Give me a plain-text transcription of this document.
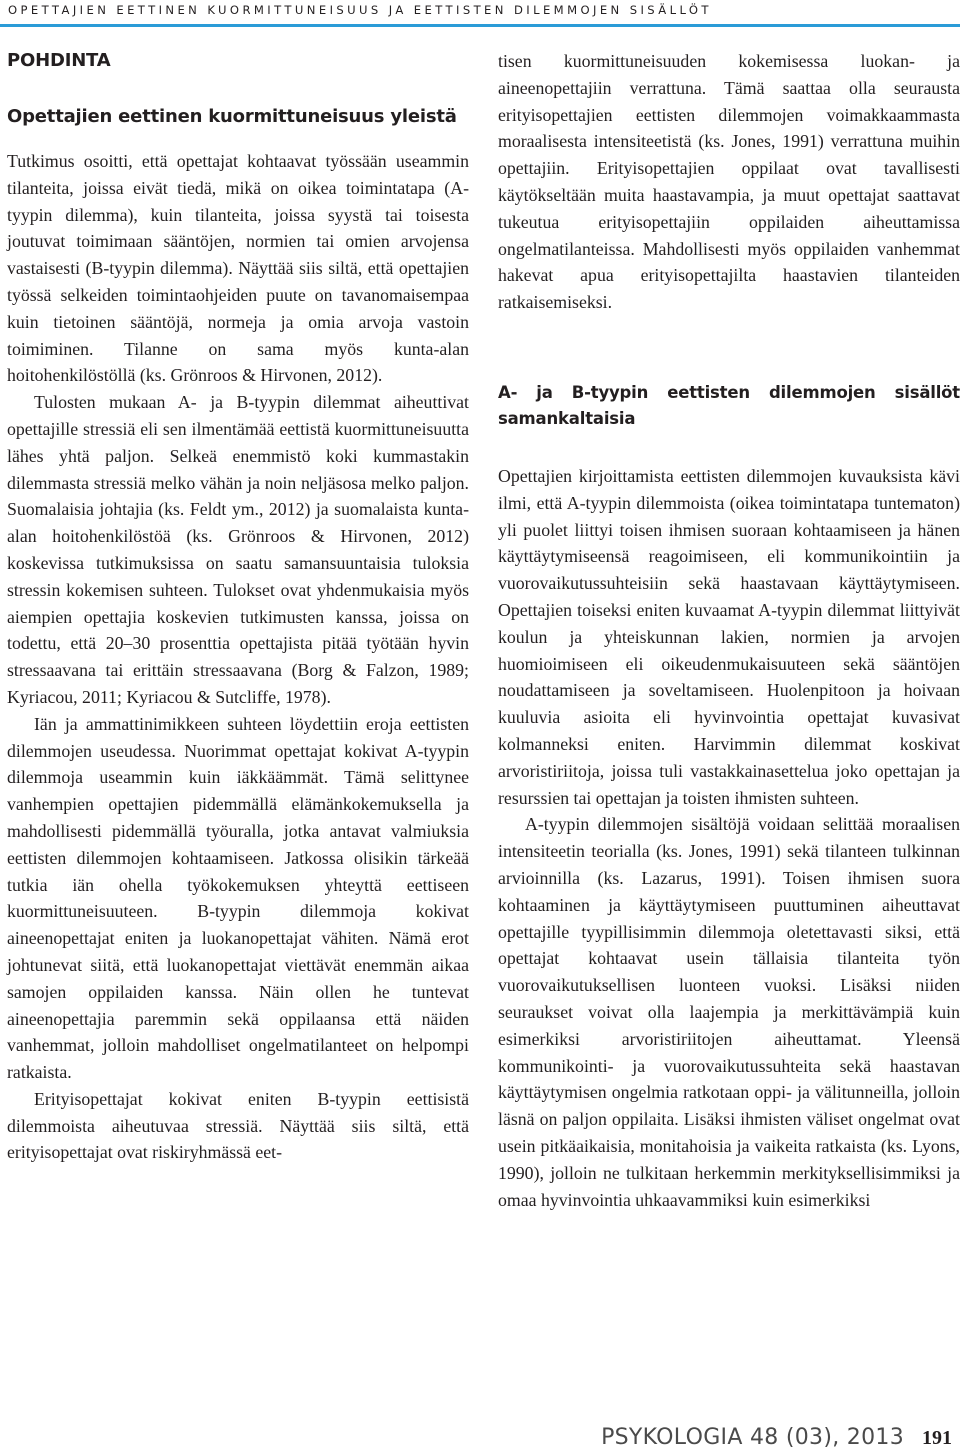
OPETTAJIEN EETTINEN KUORMITTUNEISUUS JA EETTISTEN DILEMMOJEN SISÄLLÖT
POHDINTA
Opettajien eettinen kuormittuneisuus yleistä

Tutkimus osoitti, että opettajat kohtaavat työssään useammin tilanteita, joissa eivät tiedä, mikä on oikea toimintatapa (A-tyypin dilemma), kuin tilanteita, joissa syystä tai toisesta joutuvat toimimaan sääntöjen, normien tai omien arvojensa vastaisesti (B-tyypin dilemma). Näyttää siis siltä, että opettajien työssä selkeiden toimintaohjeiden puute on tavanomaisempaa kuin tietoinen sääntöjä, normeja ja omia arvoja vastoin toimiminen. Tilanne on sama myös kunta-alan hoitohenkilöstöllä (ks. Grönroos & Hirvonen, 2012).

Tulosten mukaan A- ja B-tyypin dilemmat aiheuttivat opettajille stressiä eli sen ilmentämää eettistä kuormittuneisuutta lähes yhtä paljon. Selkeä enemmistö koki kummastakin dilemmasta stressiä melko vähän ja noin neljäsosa melko paljon. Suomalaisia johtajia (ks. Feldt ym., 2012) ja suomalaista kunta-alan hoitohenkilöstöä (ks. Grönroos & Hirvonen, 2012) koskevissa tutkimuksissa on saatu samansuuntaisia tuloksia stressin kokemisen suhteen. Tulokset ovat yhdenmukaisia myös aiempien opettajia koskevien tutkimusten kanssa, joissa on todettu, että 20–30 prosenttia opettajista pitää työtään hyvin stressaavana tai erittäin stressaavana (Borg & Falzon, 1989; Kyriacou, 2011; Kyriacou & Sutcliffe, 1978).

Iän ja ammattinimikkeen suhteen löydettiin eroja eettisten dilemmojen useudessa. Nuorimmat opettajat kokivat A-tyypin dilemmoja useammin kuin iäkkäämmät. Tämä selittynee vanhempien opettajien pidemmällä elämänkokemuksella ja mahdollisesti pidemmällä työuralla, jotka antavat valmiuksia eettisten dilemmojen kohtaamiseen. Jatkossa olisikin tärkeää tutkia iän ohella työkokemuksen yhteyttä eettiseen kuormittuneisuuteen. B-tyypin dilemmoja kokivat aineenopettajat eniten ja luokanopettajat vähiten. Nämä erot johtunevat siitä, että luokanopettajat viettävät enemmän aikaa samojen oppilaiden kanssa. Näin ollen he tuntevat aineenopettajia paremmin sekä oppilaansa että näiden vanhemmat, jolloin mahdolliset ongelmatilanteet on helpompi ratkaista.

Erityisopettajat kokivat eniten B-tyypin eettisistä dilemmoista aiheutuvaa stressiä. Näyttää siis siltä, että erityisopettajat ovat riskiryhmässä eet-

tisen kuormittuneisuuden kokemisessa luokan- ja aineenopettajiin verrattuna. Tämä saattaa olla seurausta erityisopettajien eettisten dilemmojen voimakkaammasta moraalisesta intensiteetistä (ks. Jones, 1991) verrattuna muihin opettajiin. Erityisopettajien oppilaat ovat tavallisesti käytökseltään muita haastavampia, ja muut opettajat saattavat tukeutua erityisopettajiin oppilaiden aiheuttamissa ongelmatilanteissa. Mahdollisesti myös oppilaiden vanhemmat hakevat apua erityisopettajilta haastavien tilanteiden ratkaisemiseksi.

A- ja B-tyypin eettisten dilemmojen sisällöt samankaltaisia

Opettajien kirjoittamista eettisten dilemmojen kuvauksista kävi ilmi, että A-tyypin dilemmoista (oikea toimintatapa tuntematon) yli puolet liittyi toisen ihmisen suoraan kohtaamiseen ja hänen käyttäytymiseensä reagoimiseen, eli kommunikointiin ja vuorovaikutussuhteisiin sekä haastavaan käyttäytymiseen. Opettajien toiseksi eniten kuvaamat A-tyypin dilemmat liittyivät koulun ja yhteiskunnan lakien, normien ja arvojen huomioimiseen eli oikeudenmukaisuuteen sekä sääntöjen noudattamiseen ja soveltamiseen. Huolenpitoon ja hoivaan kuuluvia asioita eli hyvinvointia opettajat kuvasivat kolmanneksi eniten. Harvimmin dilemmat koskivat arvoristiriitoja, joissa tuli vastakkainasettelua joko opettajan ja resurssien tai opettajan ja toisten ihmisten suhteen.

A-tyypin dilemmojen sisältöjä voidaan selittää moraalisen intensiteetin teorialla (ks. Jones, 1991) sekä tilanteen tulkinnan arvioinnilla (ks. Lazarus, 1991). Toisen ihmisen suora kohtaaminen ja käyttäytymiseen puuttuminen aiheuttavat opettajille tyypillisimmin dilemmoja oletettavasti siksi, että opettajat kohtaavat usein tällaisia tilanteita työn vuorovaikutuksellisen luonteen vuoksi. Lisäksi niiden seuraukset voivat olla laajempia ja merkittävämpiä kuin esimerkiksi arvoristiriitojen aiheuttamat. Yleensä kommunikointi- ja vuorovaikutussuhteita sekä haastavan käyttäytymisen ongelmia ratkotaan oppi- ja välitunneilla, jolloin läsnä on paljon oppilaita. Lisäksi ihmisten väliset ongelmat ovat usein pitkäaikaisia, monitahoisia ja vaikeita ratkaista (ks. Lyons, 1990), jolloin ne tulkitaan herkemmin merkityksellisimmiksi ja omaa hyvinvointia uhkaavammiksi kuin esimerkiksi

PSYKOLOGIA 48 (03), 2013 191
